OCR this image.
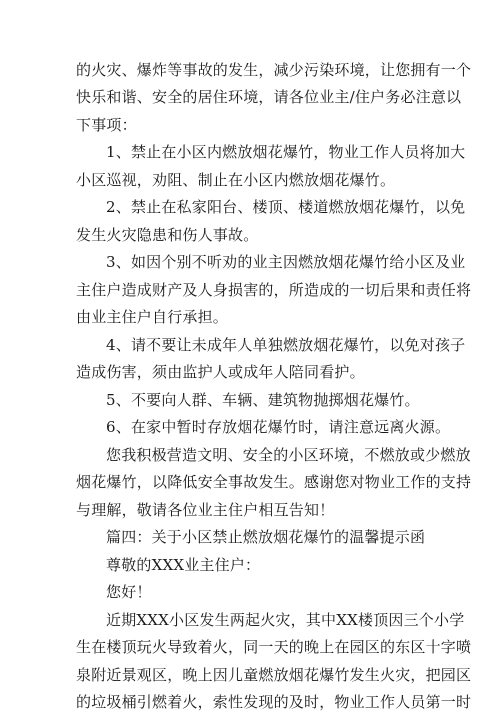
的火灾、爆炸等事故的发生，减少污染环境，让您拥有一个
快乐和谐、安全的居住环境，请各位业主/住户务必注意以
下事项：
1、禁止在小区内燃放烟花爆竹，物业工作人员将加大
小区巡视，劝阻、制止在小区内燃放烟花爆竹。
2、禁止在私家阳台、楼顶、楼道燃放烟花爆竹，以免
发生火灾隐患和伤人事故。
3、如因个别不听劝的业主因燃放烟花爆竹给小区及业
主住户造成财产及人身损害的，所造成的一切后果和责任将
由业主住户自行承担。
4、请不要让未成年人单独燃放烟花爆竹，以免对孩子
造成伤害，须由监护人或成年人陪同看护。
5、不要向人群、车辆、建筑物抛掷烟花爆竹。
6、在家中暂时存放烟花爆竹时，请注意远离火源。
您我积极营造文明、安全的小区环境，不燃放或少燃放
烟花爆竹，以降低安全事故发生。感谢您对物业工作的支持
与理解，敬请各位业主住户相互告知！
篇四：关于小区禁止燃放烟花爆竹的温馨提示函
尊敬的XXX业主住户：
您好！
近期XXX小区发生两起火灾，其中XX楼顶因三个小学
生在楼顶玩火导致着火，同一天的晚上在园区的东区十字喷
泉附近景观区，晚上因儿童燃放烟花爆竹发生火灾，把园区
的垃圾桶引燃着火，索性发现的及时，物业工作人员第一时
